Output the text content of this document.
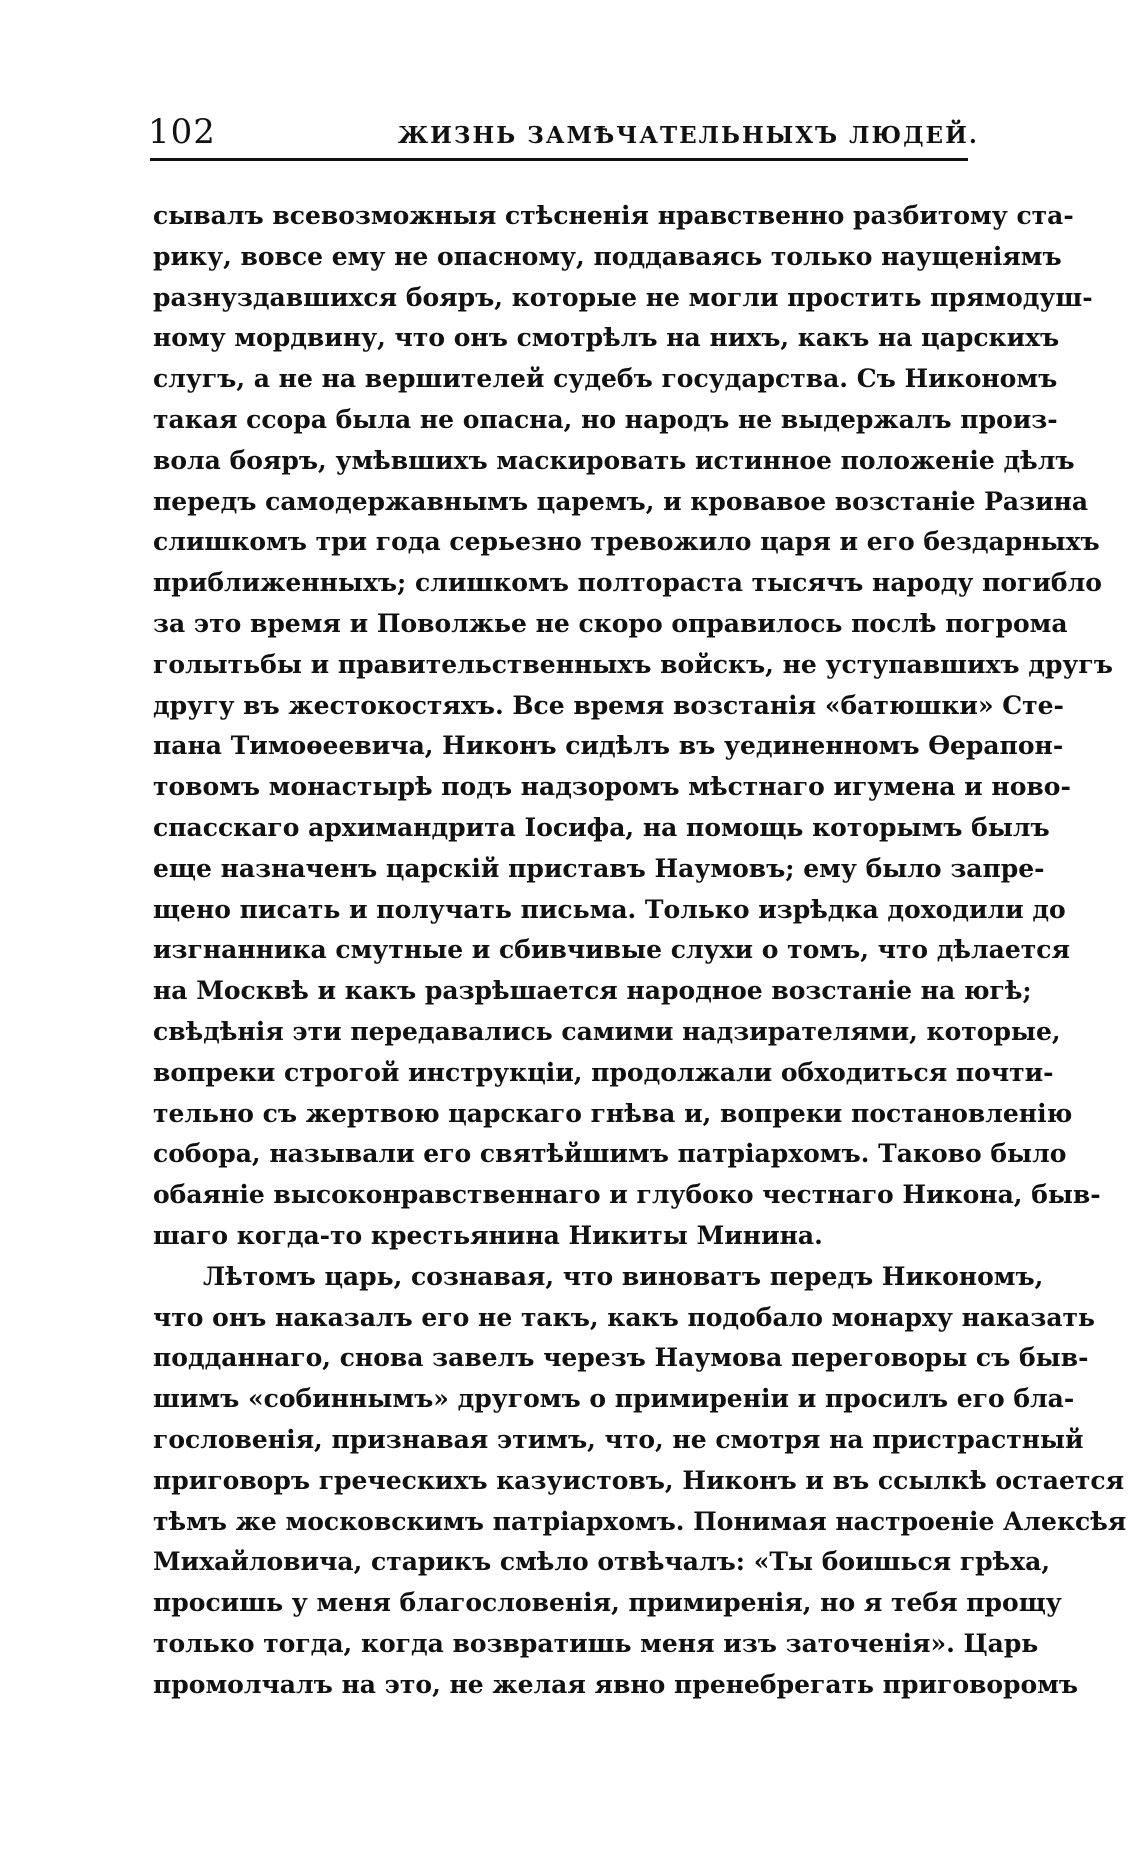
102	ЖИЗНЬ ЗАМѢЧАТЕЛЬНЫХЪ ЛЮДЕЙ.
сывалъ всевозможныя стѣсненія нравственно разбитому ста-
рику, вовсе ему не опасному, поддаваясь только наущеніямъ
разнуздавшихся бояръ, которые не могли простить прямодуш-
ному мордвину, что онъ смотрѣлъ на нихъ, какъ на царскихъ
слугъ, а не на вершителей судебъ государства. Съ Никономъ
такая ссора была не опасна, но народъ не выдержалъ произ-
вола бояръ, умѣвшихъ маскировать истинное положеніе дѣлъ
передъ самодержавнымъ царемъ, и кровавое возстаніе Разина
слишкомъ три года серьезно тревожило царя и его бездарныхъ
приближенныхъ; слишкомъ полтораста тысячъ народу погибло
за это время и Поволжье не скоро оправилось послѣ погрома
голытьбы и правительственныхъ войскъ, не уступавшихъ другъ
другу въ жестокостяхъ. Все время возстанія «батюшки» Сте-
пана Тимоѳеевича, Никонъ сидѣлъ въ уединенномъ Ѳерапон-
товомъ монастырѣ подъ надзоромъ мѣстнаго игумена и ново-
спасскаго архимандрита Іосифа, на помощь которымъ былъ
еще назначенъ царскій приставъ Наумовъ; ему было запре-
щено писать и получать письма. Только изрѣдка доходили до
изгнанника смутные и сбивчивые слухи о томъ, что дѣлается
на Москвѣ и какъ разрѣшается народное возстаніе на югѣ;
свѣдѣнія эти передавались самими надзирателями, которые,
вопреки строгой инструкціи, продолжали обходиться почти-
тельно съ жертвою царскаго гнѣва и, вопреки постановленію
собора, называли его святѣйшимъ патріархомъ. Таково было
обаяніе высоконравственнаго и глубоко честнаго Никона, быв-
шаго когда-то крестьянина Никиты Минина.
Лѣтомъ царь, сознавая, что виноватъ передъ Никономъ,
что онъ наказалъ его не такъ, какъ подобало монарху наказать
подданнаго, снова завелъ черезъ Наумова переговоры съ быв-
шимъ «собиннымъ» другомъ о примиреніи и просилъ его бла-
гословенія, признавая этимъ, что, не смотря на пристрастный
приговоръ греческихъ казуистовъ, Никонъ и въ ссылкѣ остается
тѣмъ же московскимъ патріархомъ. Понимая настроеніе Алексѣя
Михайловича, старикъ смѣло отвѣчалъ: «Ты боишься грѣха,
просишь у меня благословенія, примиренія, но я тебя прощу
только тогда, когда возвратишь меня изъ заточенія». Царь
промолчалъ на это, не желая явно пренебрегать приговоромъ
